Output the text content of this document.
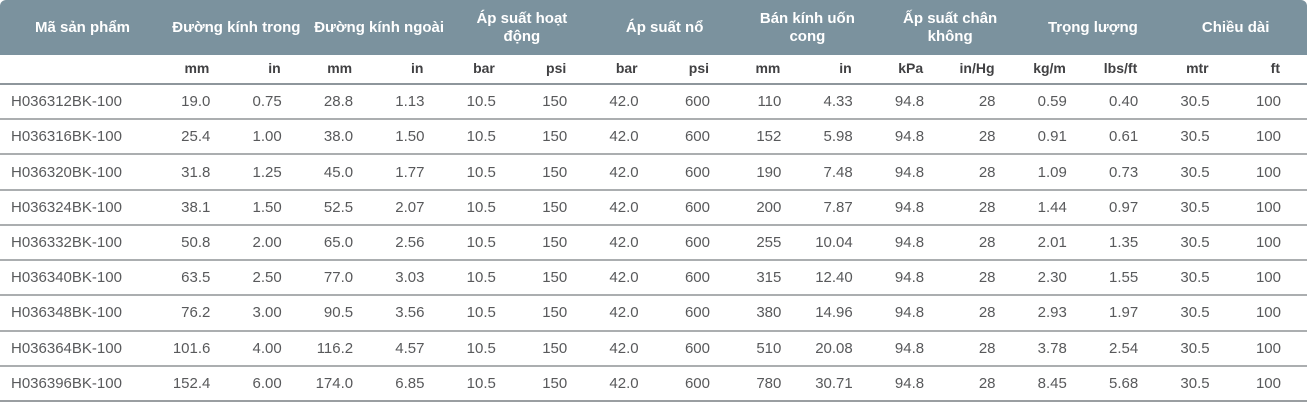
Mã sản phẩm	Đường kính trong		Đường kính ngoài		Áp suất hoạt động		Áp suất nổ		Bán kính uốn cong		Ấp suất chân không		Trọng lượng		Chiều dài	
	mm	in	mm	in	bar	psi	bar	psi	mm	in	kPa	in/Hg	kg/m	lbs/ft	mtr	ft
H036312BK-100	19.0	0.75	28.8	1.13	10.5	150	42.0	600	110	4.33	94.8	28	0.59	0.40	30.5	100
H036316BK-100	25.4	1.00	38.0	1.50	10.5	150	42.0	600	152	5.98	94.8	28	0.91	0.61	30.5	100
H036320BK-100	31.8	1.25	45.0	1.77	10.5	150	42.0	600	190	7.48	94.8	28	1.09	0.73	30.5	100
H036324BK-100	38.1	1.50	52.5	2.07	10.5	150	42.0	600	200	7.87	94.8	28	1.44	0.97	30.5	100
H036332BK-100	50.8	2.00	65.0	2.56	10.5	150	42.0	600	255	10.04	94.8	28	2.01	1.35	30.5	100
H036340BK-100	63.5	2.50	77.0	3.03	10.5	150	42.0	600	315	12.40	94.8	28	2.30	1.55	30.5	100
H036348BK-100	76.2	3.00	90.5	3.56	10.5	150	42.0	600	380	14.96	94.8	28	2.93	1.97	30.5	100
H036364BK-100	101.6	4.00	116.2	4.57	10.5	150	42.0	600	510	20.08	94.8	28	3.78	2.54	30.5	100
H036396BK-100	152.4	6.00	174.0	6.85	10.5	150	42.0	600	780	30.71	94.8	28	8.45	5.68	30.5	100
